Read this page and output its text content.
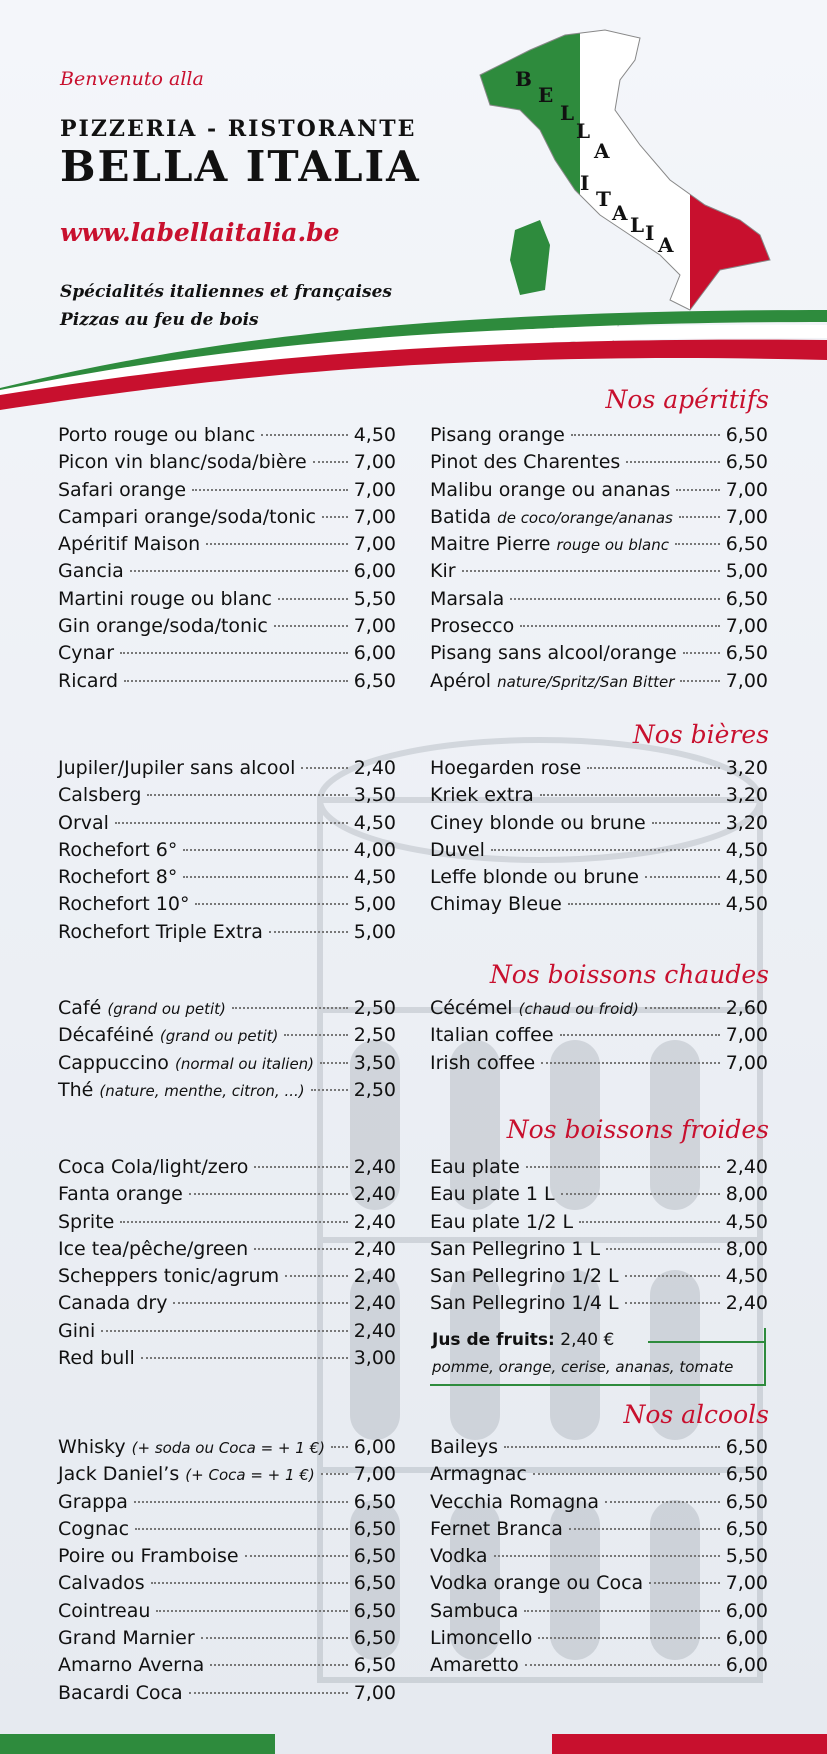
Benvenuto alla
PIZZERIA - RISTORANTE
BELLA ITALIA
www.labellaitalia.be
Spécialités italiennes et françaises
Pizzas au feu de bois
B
E
L
L
A
I
T
A L I A
Nos apéritifs
Nos bières
Nos boissons chaudes
Nos boissons froides
Nos alcools
Porto rouge ou blanc	4,50
Picon vin blanc/soda/bière 7,00
Safari orange	7,00
Campari orange/soda/tonic 7,00
Apéritif Maison	7,00
Gancia	6,00
Martini rouge ou blanc	5,50
Gin orange/soda/tonic	7,00
Cynar	6,00
Ricard	6,50
Pisang orange	6,50
Pinot des Charentes	6,50
Malibu orange ou ananas	7,00
Batida de coco/orange/ananas	7,00
Maitre Pierre rouge ou blanc	6,50
Kir	5,00
Marsala	6,50
Prosecco	7,00
Pisang sans alcool/orange	6,50
Apérol nature/Spritz/San Bitter	7,00
Jupiler/Jupiler sans alcool	2,40
Calsberg	3,50
Orval	4,50
Rochefort 6°	4,00
Rochefort 8°	4,50
Rochefort 10°	5,00
Rochefort Triple Extra	5,00
Hoegarden rose	3,20
Kriek extra	3,20
Ciney blonde ou brune	3,20
Duvel	4,50
Leffe blonde ou brune	4,50
Chimay Bleue	4,50
Café (grand ou petit)	2,50
Décaféiné (grand ou petit)	2,50
Cappuccino (normal ou italien) 3,50
Thé (nature, menthe, citron, ...)	2,50
Cécémel (chaud ou froid)	2,60
Italian coffee	7,00
Irish coffee	7,00
Coca Cola/light/zero	2,40
Fanta orange	2,40
Sprite	2,40
Ice tea/pêche/green	2,40
Scheppers tonic/agrum	2,40
Canada dry	2,40
Gini	2,40
Red bull	3,00
Eau plate	2,40
Eau plate 1 L	8,00
Eau plate 1/2 L	4,50
San Pellegrino 1 L	8,00
San Pellegrino 1/2 L	4,50
San Pellegrino 1/4 L	2,40
Jus de fruits: 2,40 €
pomme, orange, cerise, ananas, tomate
Whisky (+ soda ou Coca = + 1 €) 6,00
Jack Daniel’s (+ Coca = + 1 €) 7,00
Grappa	6,50
Cognac	6,50
Poire ou Framboise	6,50
Calvados	6,50
Cointreau	6,50
Grand Marnier	6,50
Amarno Averna	6,50
Bacardi Coca	7,00
Baileys	6,50
Armagnac	6,50
Vecchia Romagna	6,50
Fernet Branca	6,50
Vodka	5,50
Vodka orange ou Coca	7,00
Sambuca	6,00
Limoncello	6,00
Amaretto	6,00
